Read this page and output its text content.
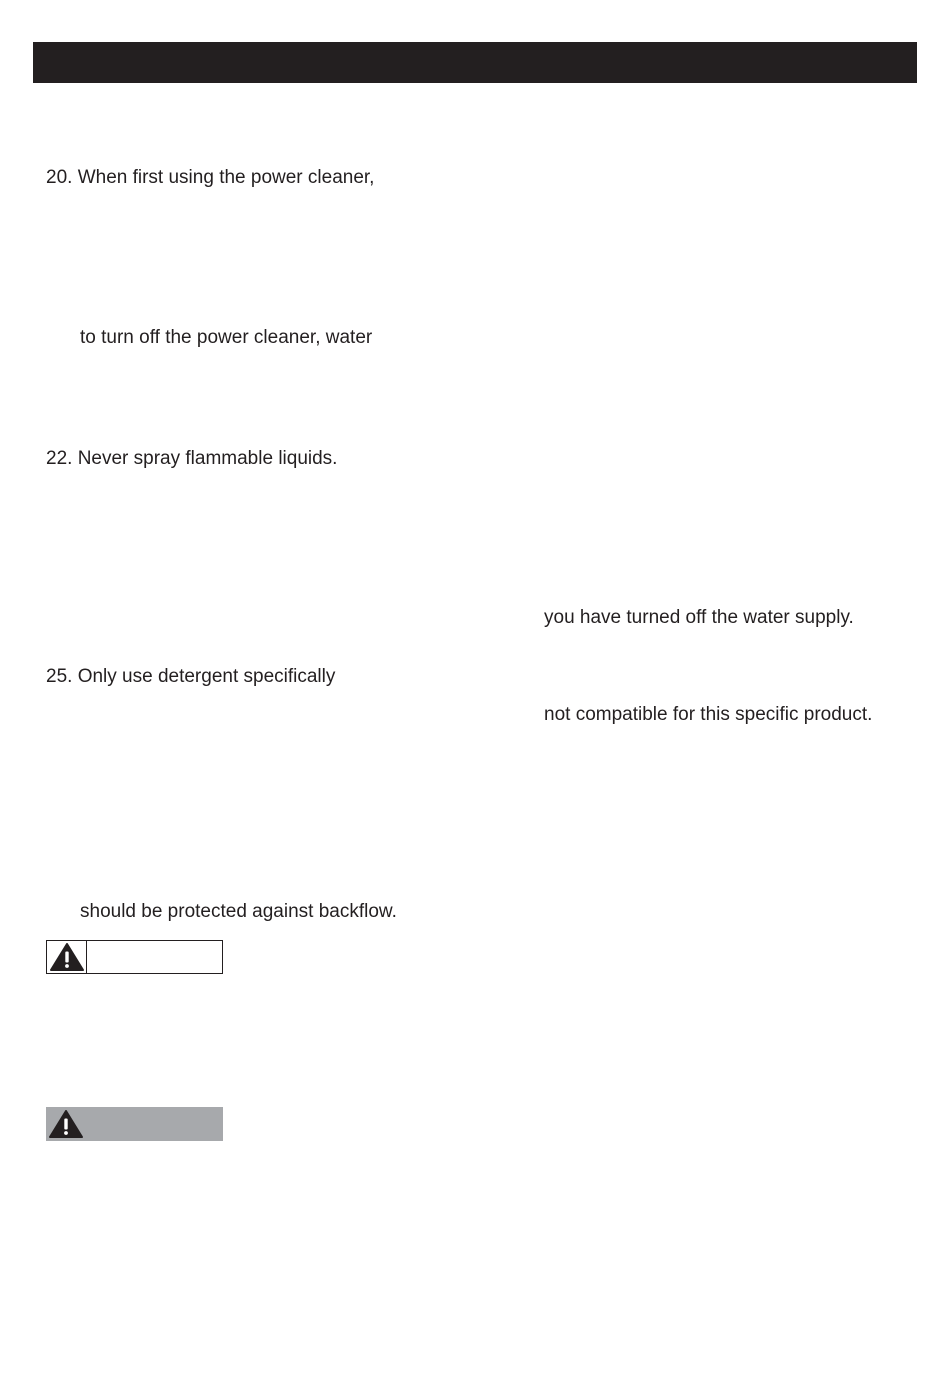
20. When first using the power cleaner,
to turn off the power cleaner, water
22. Never spray flammable liquids.
you have turned off the water supply.
25. Only use detergent specifically
not compatible for this specific product.
should be protected against backflow.
